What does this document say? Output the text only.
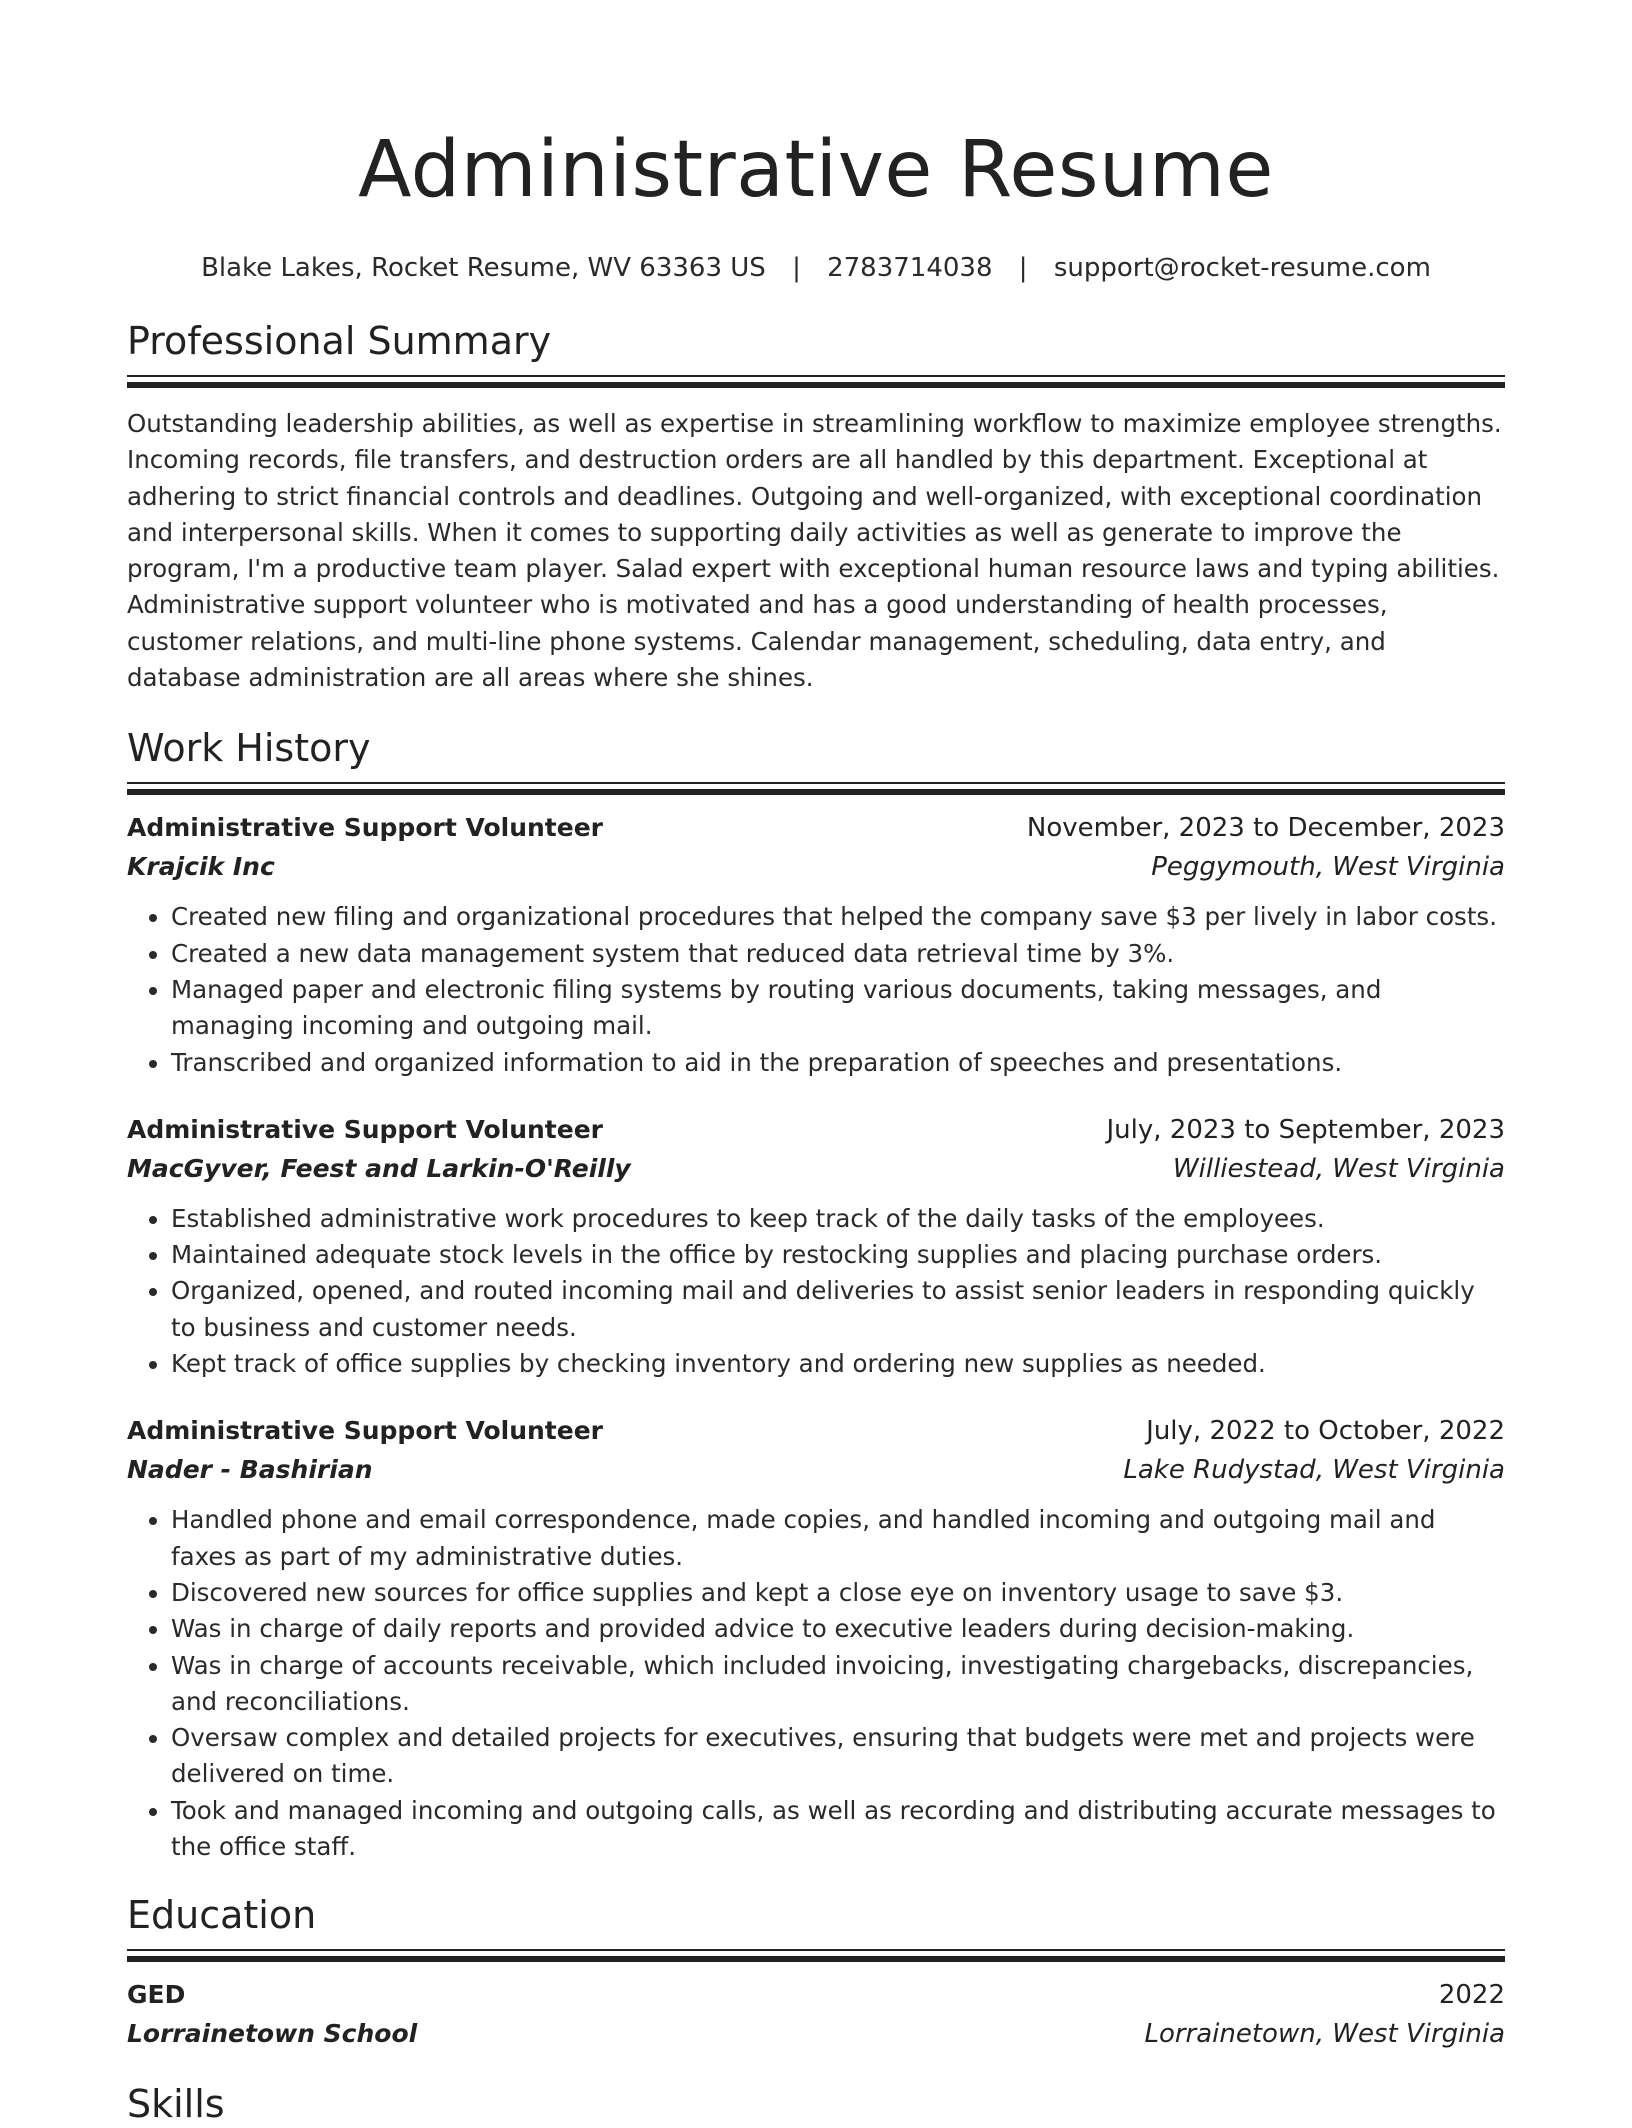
Administrative Resume
Blake Lakes, Rocket Resume, WV 63363 US | 2783714038 | support@rocket-resume.com
Professional Summary

Outstanding leadership abilities, as well as expertise in streamlining workflow to maximize employee strengths. Incoming records, file transfers, and destruction orders are all handled by this department. Exceptional at adhering to strict financial controls and deadlines. Outgoing and well-organized, with exceptional coordination and interpersonal skills. When it comes to supporting daily activities as well as generate to improve the program, I'm a productive team player. Salad expert with exceptional human resource laws and typing abilities. Administrative support volunteer who is motivated and has a good understanding of health processes, customer relations, and multi-line phone systems. Calendar management, scheduling, data entry, and database administration are all areas where she shines.

Work History
Administrative Support Volunteer	November, 2023 to December, 2023
Krajcik Inc	Peggymouth, West Virginia
• Created new filing and organizational procedures that helped the company save $3 per lively in labor costs.
• Created a new data management system that reduced data retrieval time by 3%.
• Managed paper and electronic filing systems by routing various documents, taking messages, and managing incoming and outgoing mail.
• Transcribed and organized information to aid in the preparation of speeches and presentations.
Administrative Support Volunteer	July, 2023 to September, 2023
MacGyver, Feest and Larkin-O'Reilly	Williestead, West Virginia
• Established administrative work procedures to keep track of the daily tasks of the employees.
• Maintained adequate stock levels in the office by restocking supplies and placing purchase orders.
• Organized, opened, and routed incoming mail and deliveries to assist senior leaders in responding quickly to business and customer needs.
• Kept track of office supplies by checking inventory and ordering new supplies as needed.
Administrative Support Volunteer	July, 2022 to October, 2022
Nader - Bashirian	Lake Rudystad, West Virginia
• Handled phone and email correspondence, made copies, and handled incoming and outgoing mail and faxes as part of my administrative duties.
• Discovered new sources for office supplies and kept a close eye on inventory usage to save $3.
• Was in charge of daily reports and provided advice to executive leaders during decision-making.
• Was in charge of accounts receivable, which included invoicing, investigating chargebacks, discrepancies, and reconciliations.
• Oversaw complex and detailed projects for executives, ensuring that budgets were met and projects were delivered on time.
• Took and managed incoming and outgoing calls, as well as recording and distributing accurate messages to the office staff.
Education
GED	2022
Lorrainetown School	Lorrainetown, West Virginia
Skills
